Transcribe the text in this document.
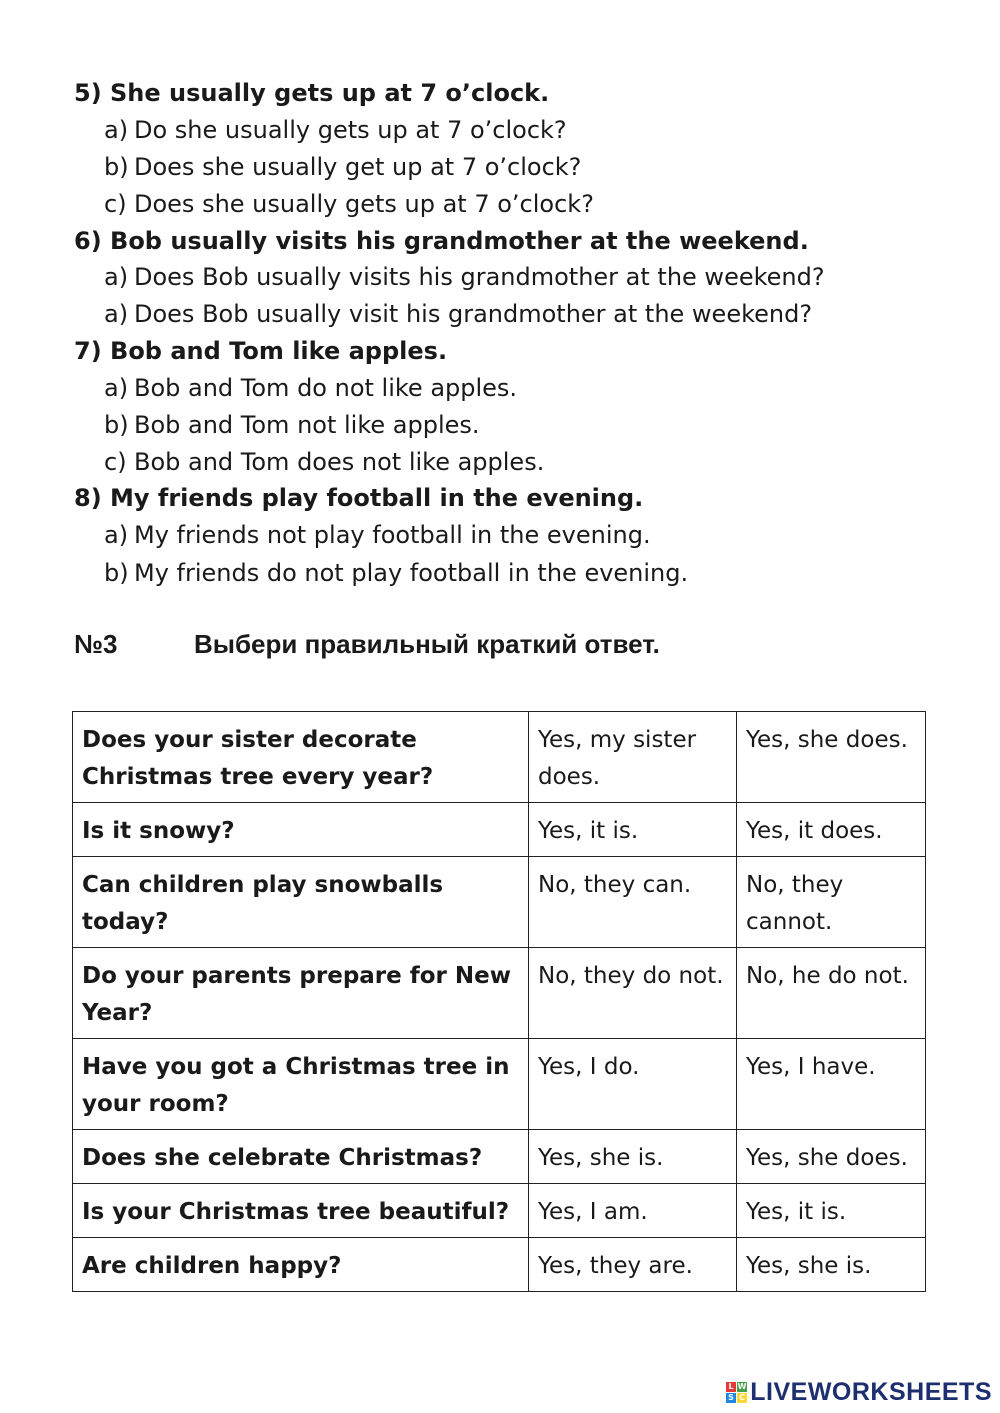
5) She usually gets up at 7 o’clock.
a) Do she usually gets up at 7 o’clock?
b) Does she usually get up at 7 o’clock?
c) Does she usually gets up at 7 o’clock?
6) Bob usually visits his grandmother at the weekend.
a) Does Bob usually visits his grandmother at the weekend?
a) Does Bob usually visit his grandmother at the weekend?
7) Bob and Tom like apples.
a) Bob and Tom do not like apples.
b) Bob and Tom not like apples.
c) Bob and Tom does not like apples.
8) My friends play football in the evening.
a) My friends not play football in the evening.
b) My friends do not play football in the evening.
№3	Выбери правильный краткий ответ.
Does your sister decorate Christmas tree every year?	Yes, my sister does.	Yes, she does.
Is it snowy?	Yes, it is.	Yes, it does.
Can children play snowballs today?	No, they can.	No, they cannot.
Do your parents prepare for New Year?	No, they do not.	No, he do not.
Have you got a Christmas tree in your room?	Yes, I do.	Yes, I have.
Does she celebrate Christmas?	Yes, she is.	Yes, she does.
Is your Christmas tree beautiful?	Yes, I am.	Yes, it is.
Are children happy?	Yes, they are.	Yes, she is.
L W
S C LIVEWORKSHEETS
